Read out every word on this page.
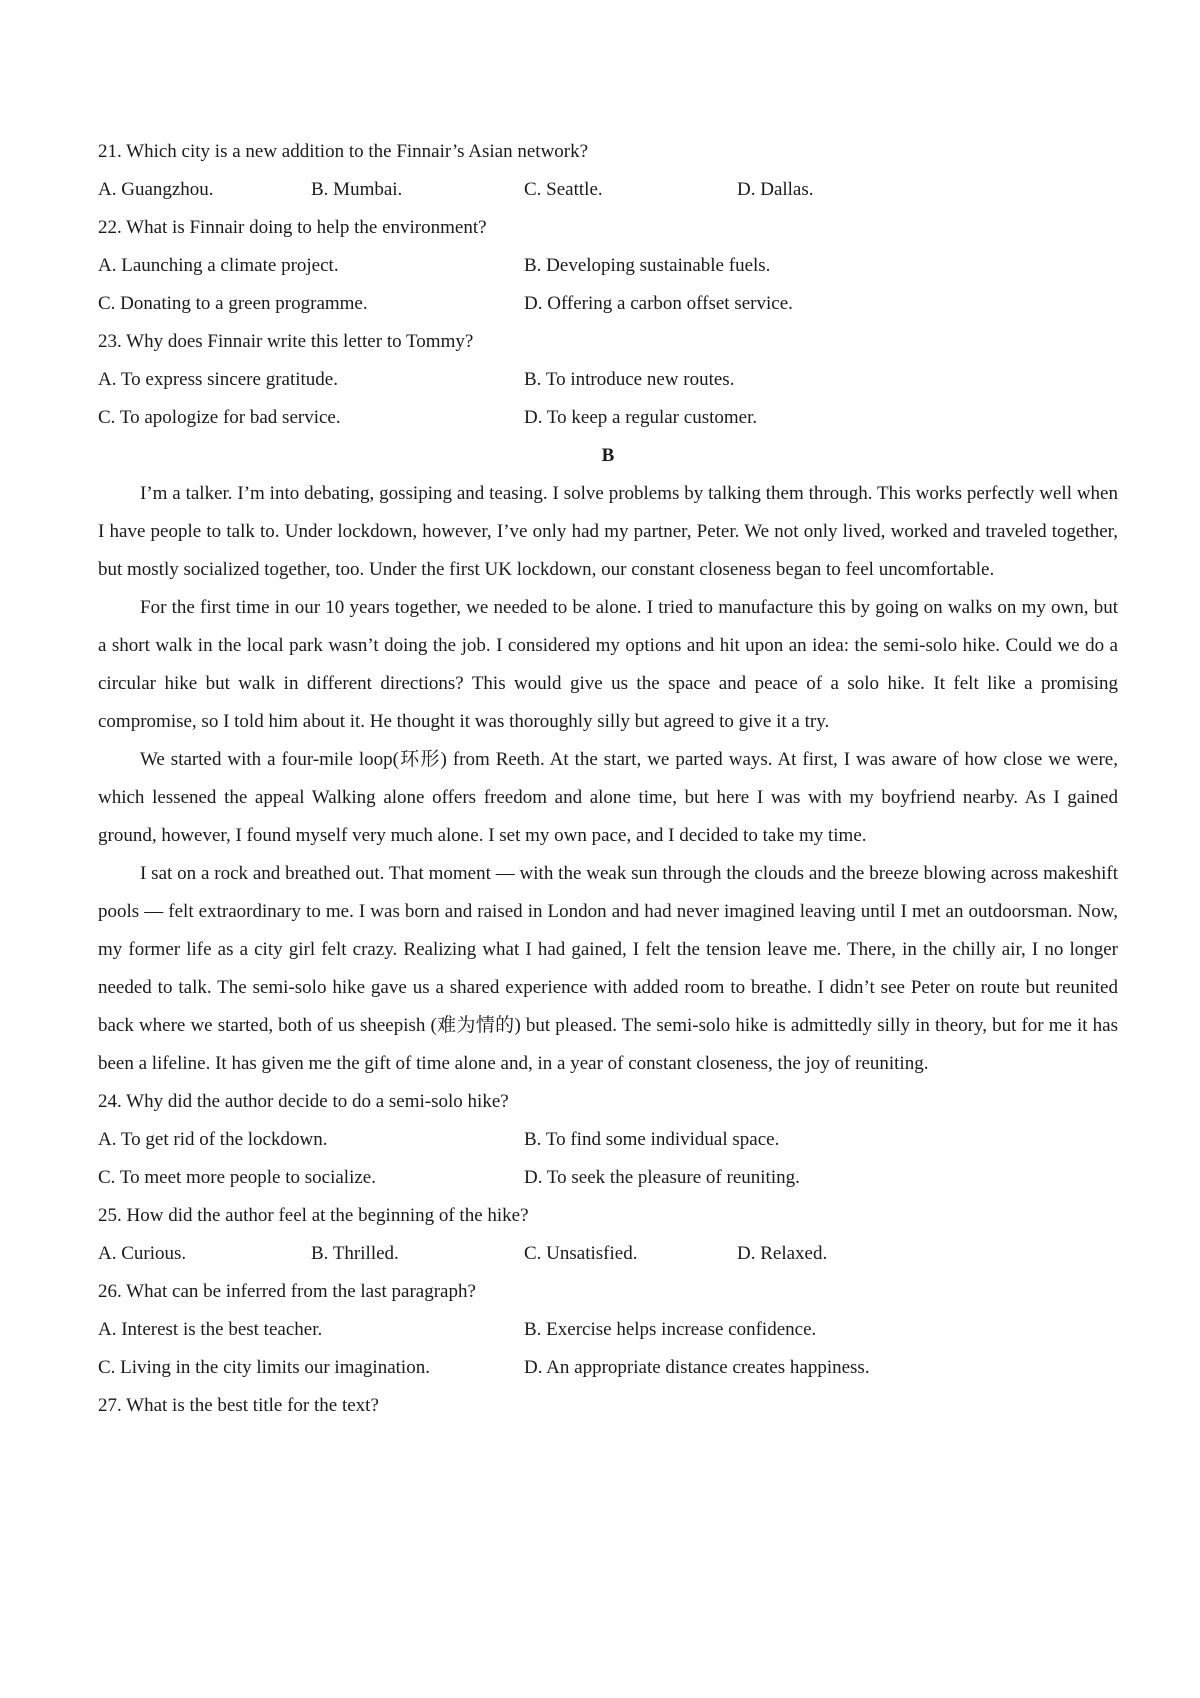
21. Which city is a new addition to the Finnair’s Asian network?
A. Guangzhou.	B. Mumbai.	C. Seattle.	D. Dallas.
22. What is Finnair doing to help the environment?
A. Launching a climate project.	B. Developing sustainable fuels.
C. Donating to a green programme.	D. Offering a carbon offset service.
23. Why does Finnair write this letter to Tommy?
A. To express sincere gratitude.	B. To introduce new routes.
C. To apologize for bad service.	D. To keep a regular customer.
B

I’m a talker. I’m into debating, gossiping and teasing. I solve problems by talking them through. This works perfectly well when I have people to talk to. Under lockdown, however, I’ve only had my partner, Peter. We not only lived, worked and traveled together, but mostly socialized together, too. Under the first UK lockdown, our constant closeness began to feel uncomfortable.

For the first time in our 10 years together, we needed to be alone. I tried to manufacture this by going on walks on my own, but a short walk in the local park wasn’t doing the job. I considered my options and hit upon an idea: the semi-solo hike. Could we do a circular hike but walk in different directions? This would give us the space and peace of a solo hike. It felt like a promising compromise, so I told him about it. He thought it was thoroughly silly but agreed to give it a try.

We started with a four-mile loop(环形) from Reeth. At the start, we parted ways. At first, I was aware of how close we were, which lessened the appeal Walking alone offers freedom and alone time, but here I was with my boyfriend nearby. As I gained ground, however, I found myself very much alone. I set my own pace, and I decided to take my time.

I sat on a rock and breathed out. That moment — with the weak sun through the clouds and the breeze blowing across makeshift pools — felt extraordinary to me. I was born and raised in London and had never imagined leaving until I met an outdoorsman. Now, my former life as a city girl felt crazy. Realizing what I had gained, I felt the tension leave me. There, in the chilly air, I no longer needed to talk. The semi-solo hike gave us a shared experience with added room to breathe. I didn’t see Peter on route but reunited back where we started, both of us sheepish (难为情的) but pleased. The semi-solo hike is admittedly silly in theory, but for me it has been a lifeline. It has given me the gift of time alone and, in a year of constant closeness, the joy of reuniting.

24. Why did the author decide to do a semi-solo hike?
A. To get rid of the lockdown.	B. To find some individual space.
C. To meet more people to socialize.	D. To seek the pleasure of reuniting.
25. How did the author feel at the beginning of the hike?
A. Curious.	B. Thrilled.	C. Unsatisfied.	D. Relaxed.
26. What can be inferred from the last paragraph?
A. Interest is the best teacher.	B. Exercise helps increase confidence.
C. Living in the city limits our imagination.	D. An appropriate distance creates happiness.
27. What is the best title for the text?
